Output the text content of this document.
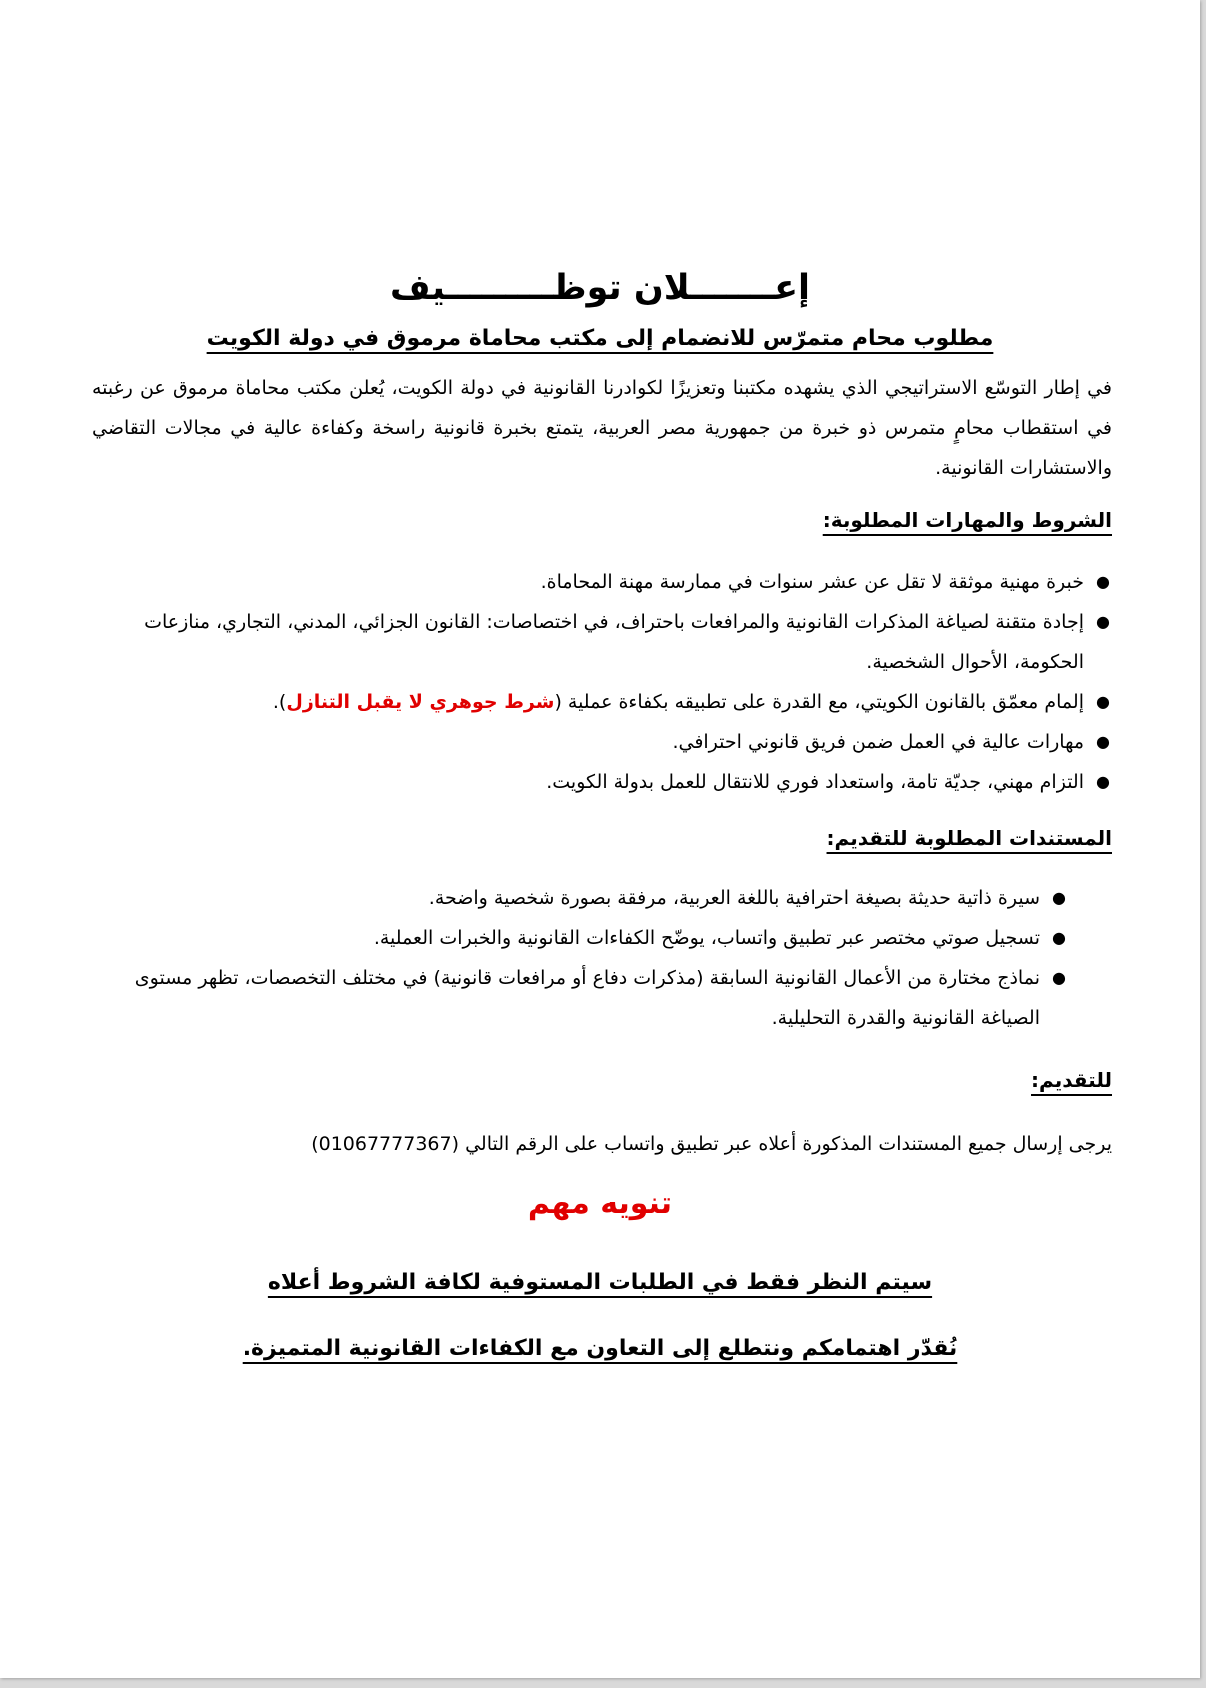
إعـــــــلان توظـــــــــيف

مطلوب محام متمرّس للانضمام إلى مكتب محاماة مرموق في دولة الكويت

في إطار التوسّع الاستراتيجي الذي يشهده مكتبنا وتعزيزًا لكوادرنا القانونية في دولة الكويت، يُعلن مكتب محاماة مرموق عن رغبته في استقطاب محامٍ متمرس ذو خبرة من جمهورية مصر العربية، يتمتع بخبرة قانونية راسخة وكفاءة عالية في مجالات التقاضي والاستشارات القانونية.

الشروط والمهارات المطلوبة:

●
خبرة مهنية موثقة لا تقل عن عشر سنوات في ممارسة مهنة المحاماة.
●
إجادة متقنة لصياغة المذكرات القانونية والمرافعات باحتراف، في اختصاصات: القانون الجزائي، المدني، التجاري، منازعات الحكومة، الأحوال الشخصية.
●
إلمام معمّق بالقانون الكويتي، مع القدرة على تطبيقه بكفاءة عملية (شرط جوهري لا يقبل التنازل).
●
مهارات عالية في العمل ضمن فريق قانوني احترافي.
●
التزام مهني، جديّة تامة، واستعداد فوري للانتقال للعمل بدولة الكويت.

المستندات المطلوبة للتقديم:

●
سيرة ذاتية حديثة بصيغة احترافية باللغة العربية، مرفقة بصورة شخصية واضحة.
●
تسجيل صوتي مختصر عبر تطبيق واتساب، يوضّح الكفاءات القانونية والخبرات العملية.
●
نماذج مختارة من الأعمال القانونية السابقة (مذكرات دفاع أو مرافعات قانونية) في مختلف التخصصات، تظهر مستوى الصياغة القانونية والقدرة التحليلية.

للتقديم:

يرجى إرسال جميع المستندات المذكورة أعلاه عبر تطبيق واتساب على الرقم التالي (01067777367)

تنويه مهم

سيتم النظر فقط في الطلبات المستوفية لكافة الشروط أعلاه

نُقدّر اهتمامكم ونتطلع إلى التعاون مع الكفاءات القانونية المتميزة.
